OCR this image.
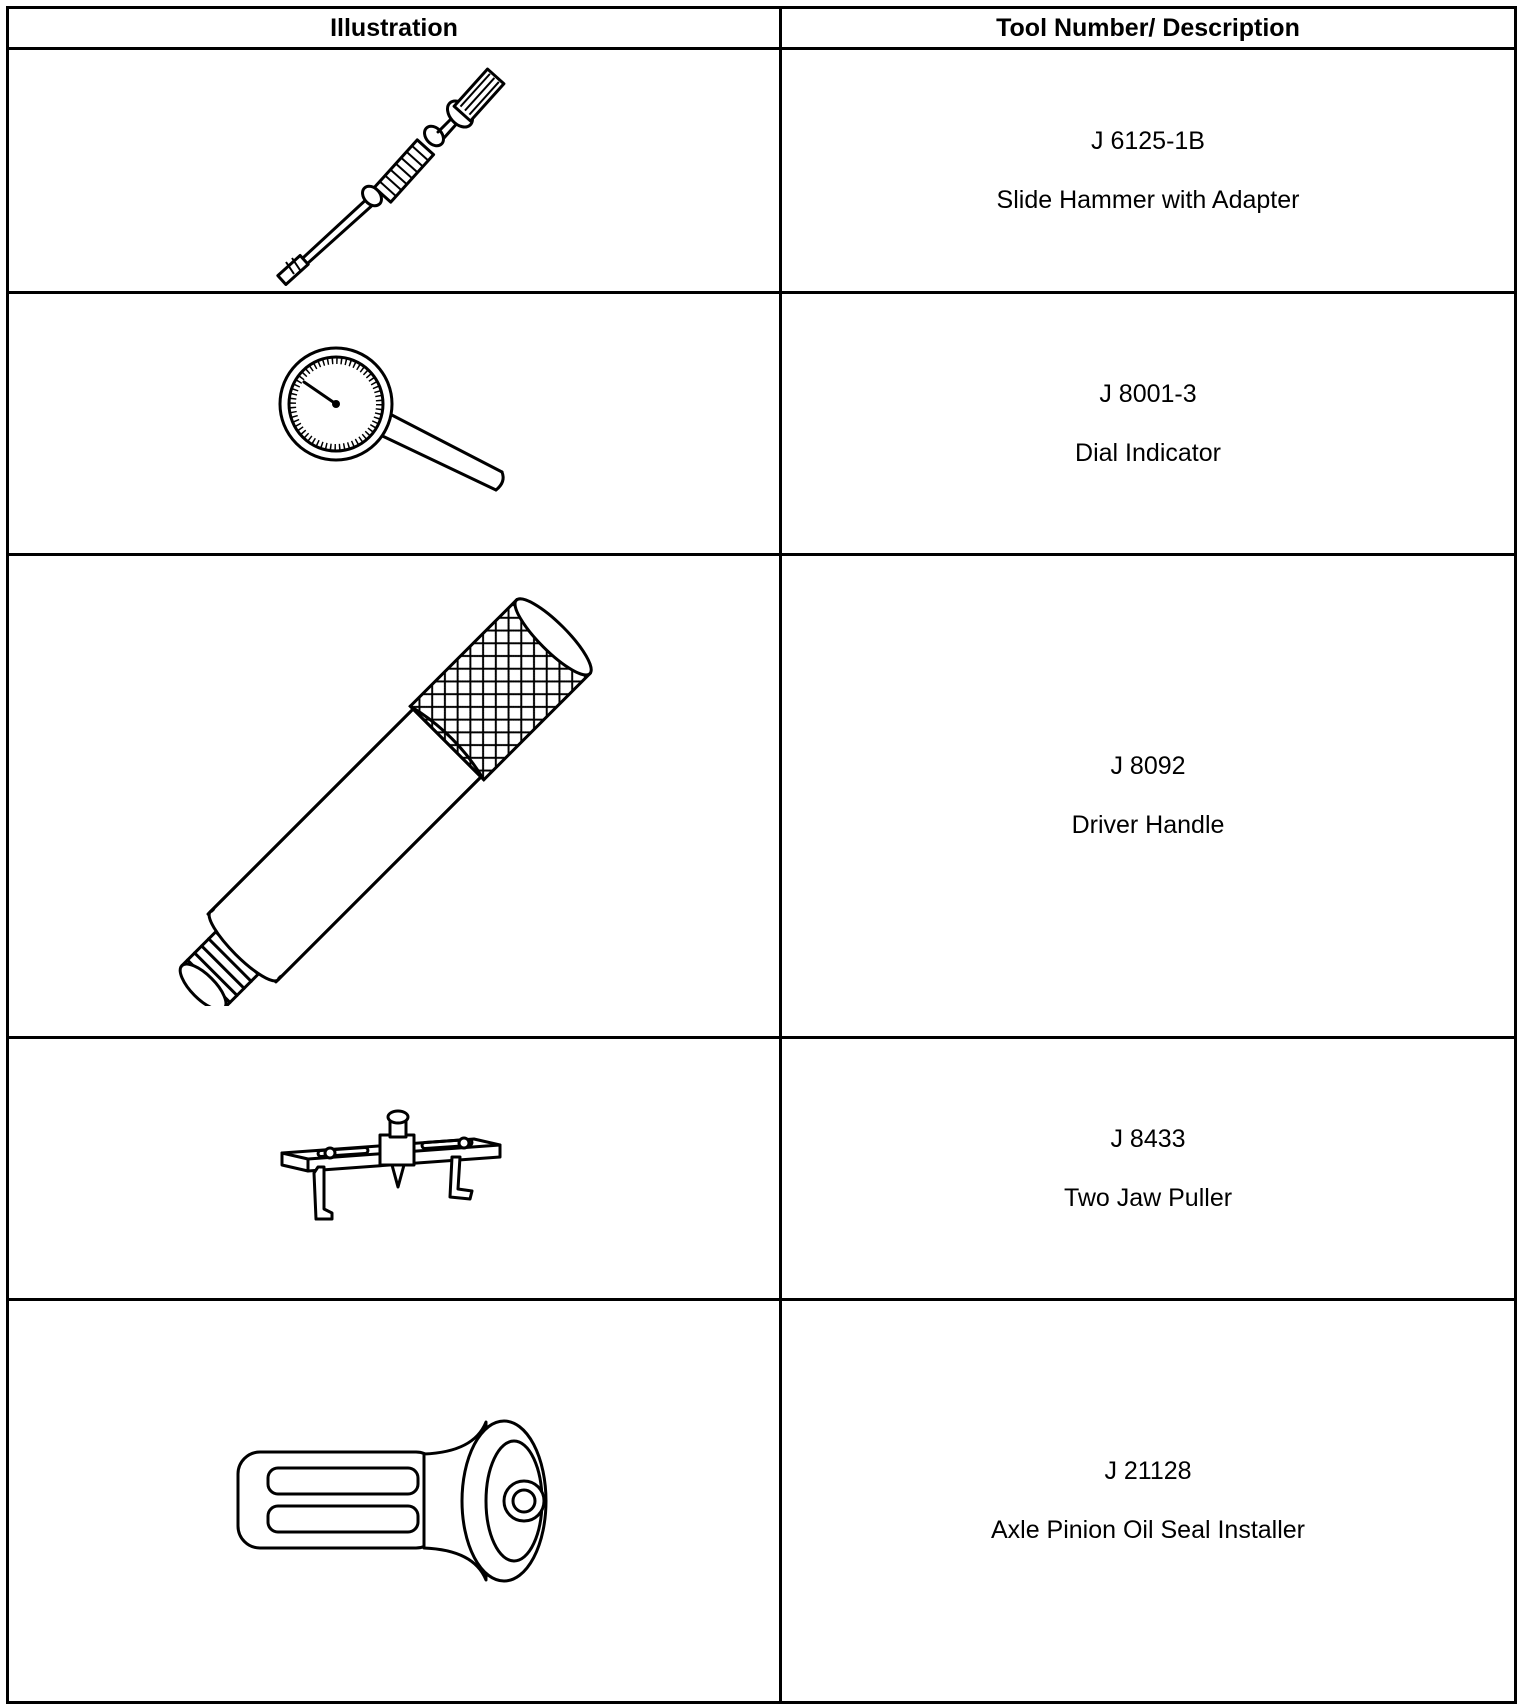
Illustration	Tool Number/ Description

J 6125-1B
Slide Hammer with Adapter

J 8001-3
Dial Indicator

J 8092
Driver Handle

J 8433
Two Jaw Puller

J 21128
Axle Pinion Oil Seal Installer
